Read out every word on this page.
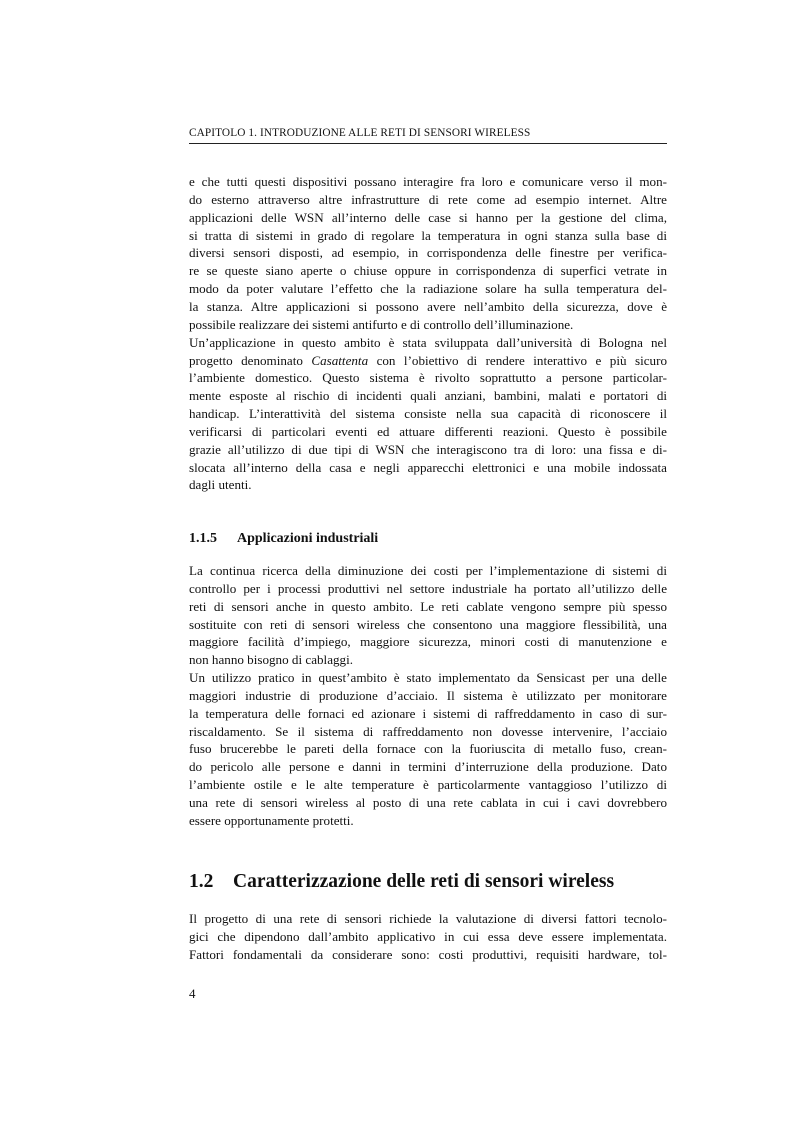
CAPITOLO 1. INTRODUZIONE ALLE RETI DI SENSORI WIRELESS
e che tutti questi dispositivi possano interagire fra loro e comunicare verso il mon-
do esterno attraverso altre infrastrutture di rete come ad esempio internet. Altre
applicazioni delle WSN all’interno delle case si hanno per la gestione del clima,
si tratta di sistemi in grado di regolare la temperatura in ogni stanza sulla base di
diversi sensori disposti, ad esempio, in corrispondenza delle finestre per verifica-
re se queste siano aperte o chiuse oppure in corrispondenza di superfici vetrate in
modo da poter valutare l’effetto che la radiazione solare ha sulla temperatura del-
la stanza. Altre applicazioni si possono avere nell’ambito della sicurezza, dove è
possibile realizzare dei sistemi antifurto e di controllo dell’illuminazione.
Un’applicazione in questo ambito è stata sviluppata dall’università di Bologna nel
progetto denominato Casattenta con l’obiettivo di rendere interattivo e più sicuro
l’ambiente domestico. Questo sistema è rivolto soprattutto a persone particolar-
mente esposte al rischio di incidenti quali anziani, bambini, malati e portatori di
handicap. L’interattività del sistema consiste nella sua capacità di riconoscere il
verificarsi di particolari eventi ed attuare differenti reazioni. Questo è possibile
grazie all’utilizzo di due tipi di WSN che interagiscono tra di loro: una fissa e di-
slocata all’interno della casa e negli apparecchi elettronici e una mobile indossata
dagli utenti.
1.1.5 Applicazioni industriali
La continua ricerca della diminuzione dei costi per l’implementazione di sistemi di
controllo per i processi produttivi nel settore industriale ha portato all’utilizzo delle
reti di sensori anche in questo ambito. Le reti cablate vengono sempre più spesso
sostituite con reti di sensori wireless che consentono una maggiore flessibilità, una
maggiore facilità d’impiego, maggiore sicurezza, minori costi di manutenzione e
non hanno bisogno di cablaggi.
Un utilizzo pratico in quest’ambito è stato implementato da Sensicast per una delle
maggiori industrie di produzione d’acciaio. Il sistema è utilizzato per monitorare
la temperatura delle fornaci ed azionare i sistemi di raffreddamento in caso di sur-
riscaldamento. Se il sistema di raffreddamento non dovesse intervenire, l’acciaio
fuso brucerebbe le pareti della fornace con la fuoriuscita di metallo fuso, crean-
do pericolo alle persone e danni in termini d’interruzione della produzione. Dato
l’ambiente ostile e le alte temperature è particolarmente vantaggioso l’utilizzo di
una rete di sensori wireless al posto di una rete cablata in cui i cavi dovrebbero
essere opportunamente protetti.
1.2 Caratterizzazione delle reti di sensori wireless
Il progetto di una rete di sensori richiede la valutazione di diversi fattori tecnolo-
gici che dipendono dall’ambito applicativo in cui essa deve essere implementata.
Fattori fondamentali da considerare sono: costi produttivi, requisiti hardware, tol-
4
